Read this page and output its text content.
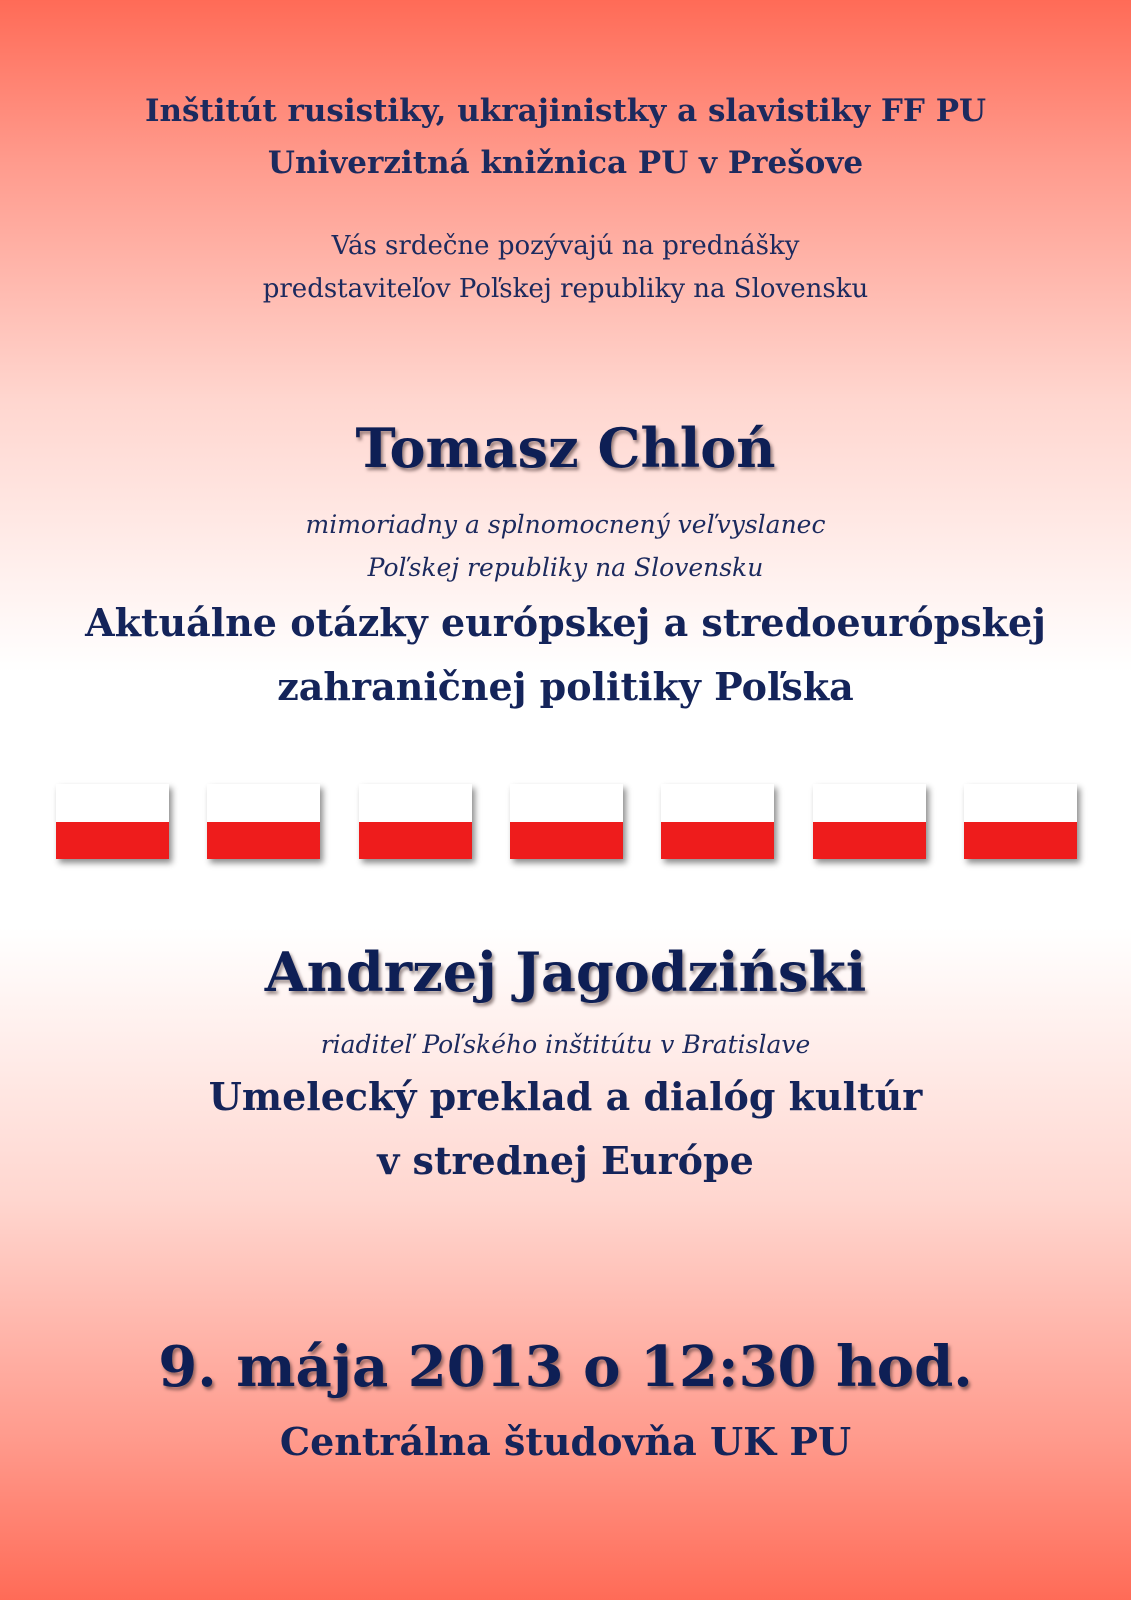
Inštitút rusistiky, ukrajinistky a slavistiky FF PU

Univerzitná knižnica PU v Prešove

Vás srdečne pozývajú na prednášky

predstaviteľov Poľskej republiky na Slovensku

Tomasz Chloń

mimoriadny a splnomocnený veľvyslanec

Poľskej republiky na Slovensku

Aktuálne otázky európskej a stredoeurópskej

zahraničnej politiky Poľska

Andrzej Jagodziński

riaditeľ Poľského inštitútu v Bratislave

Umelecký preklad a dialóg kultúr

v strednej Európe

9. mája 2013 o 12:30 hod.

Centrálna študovňa UK PU
